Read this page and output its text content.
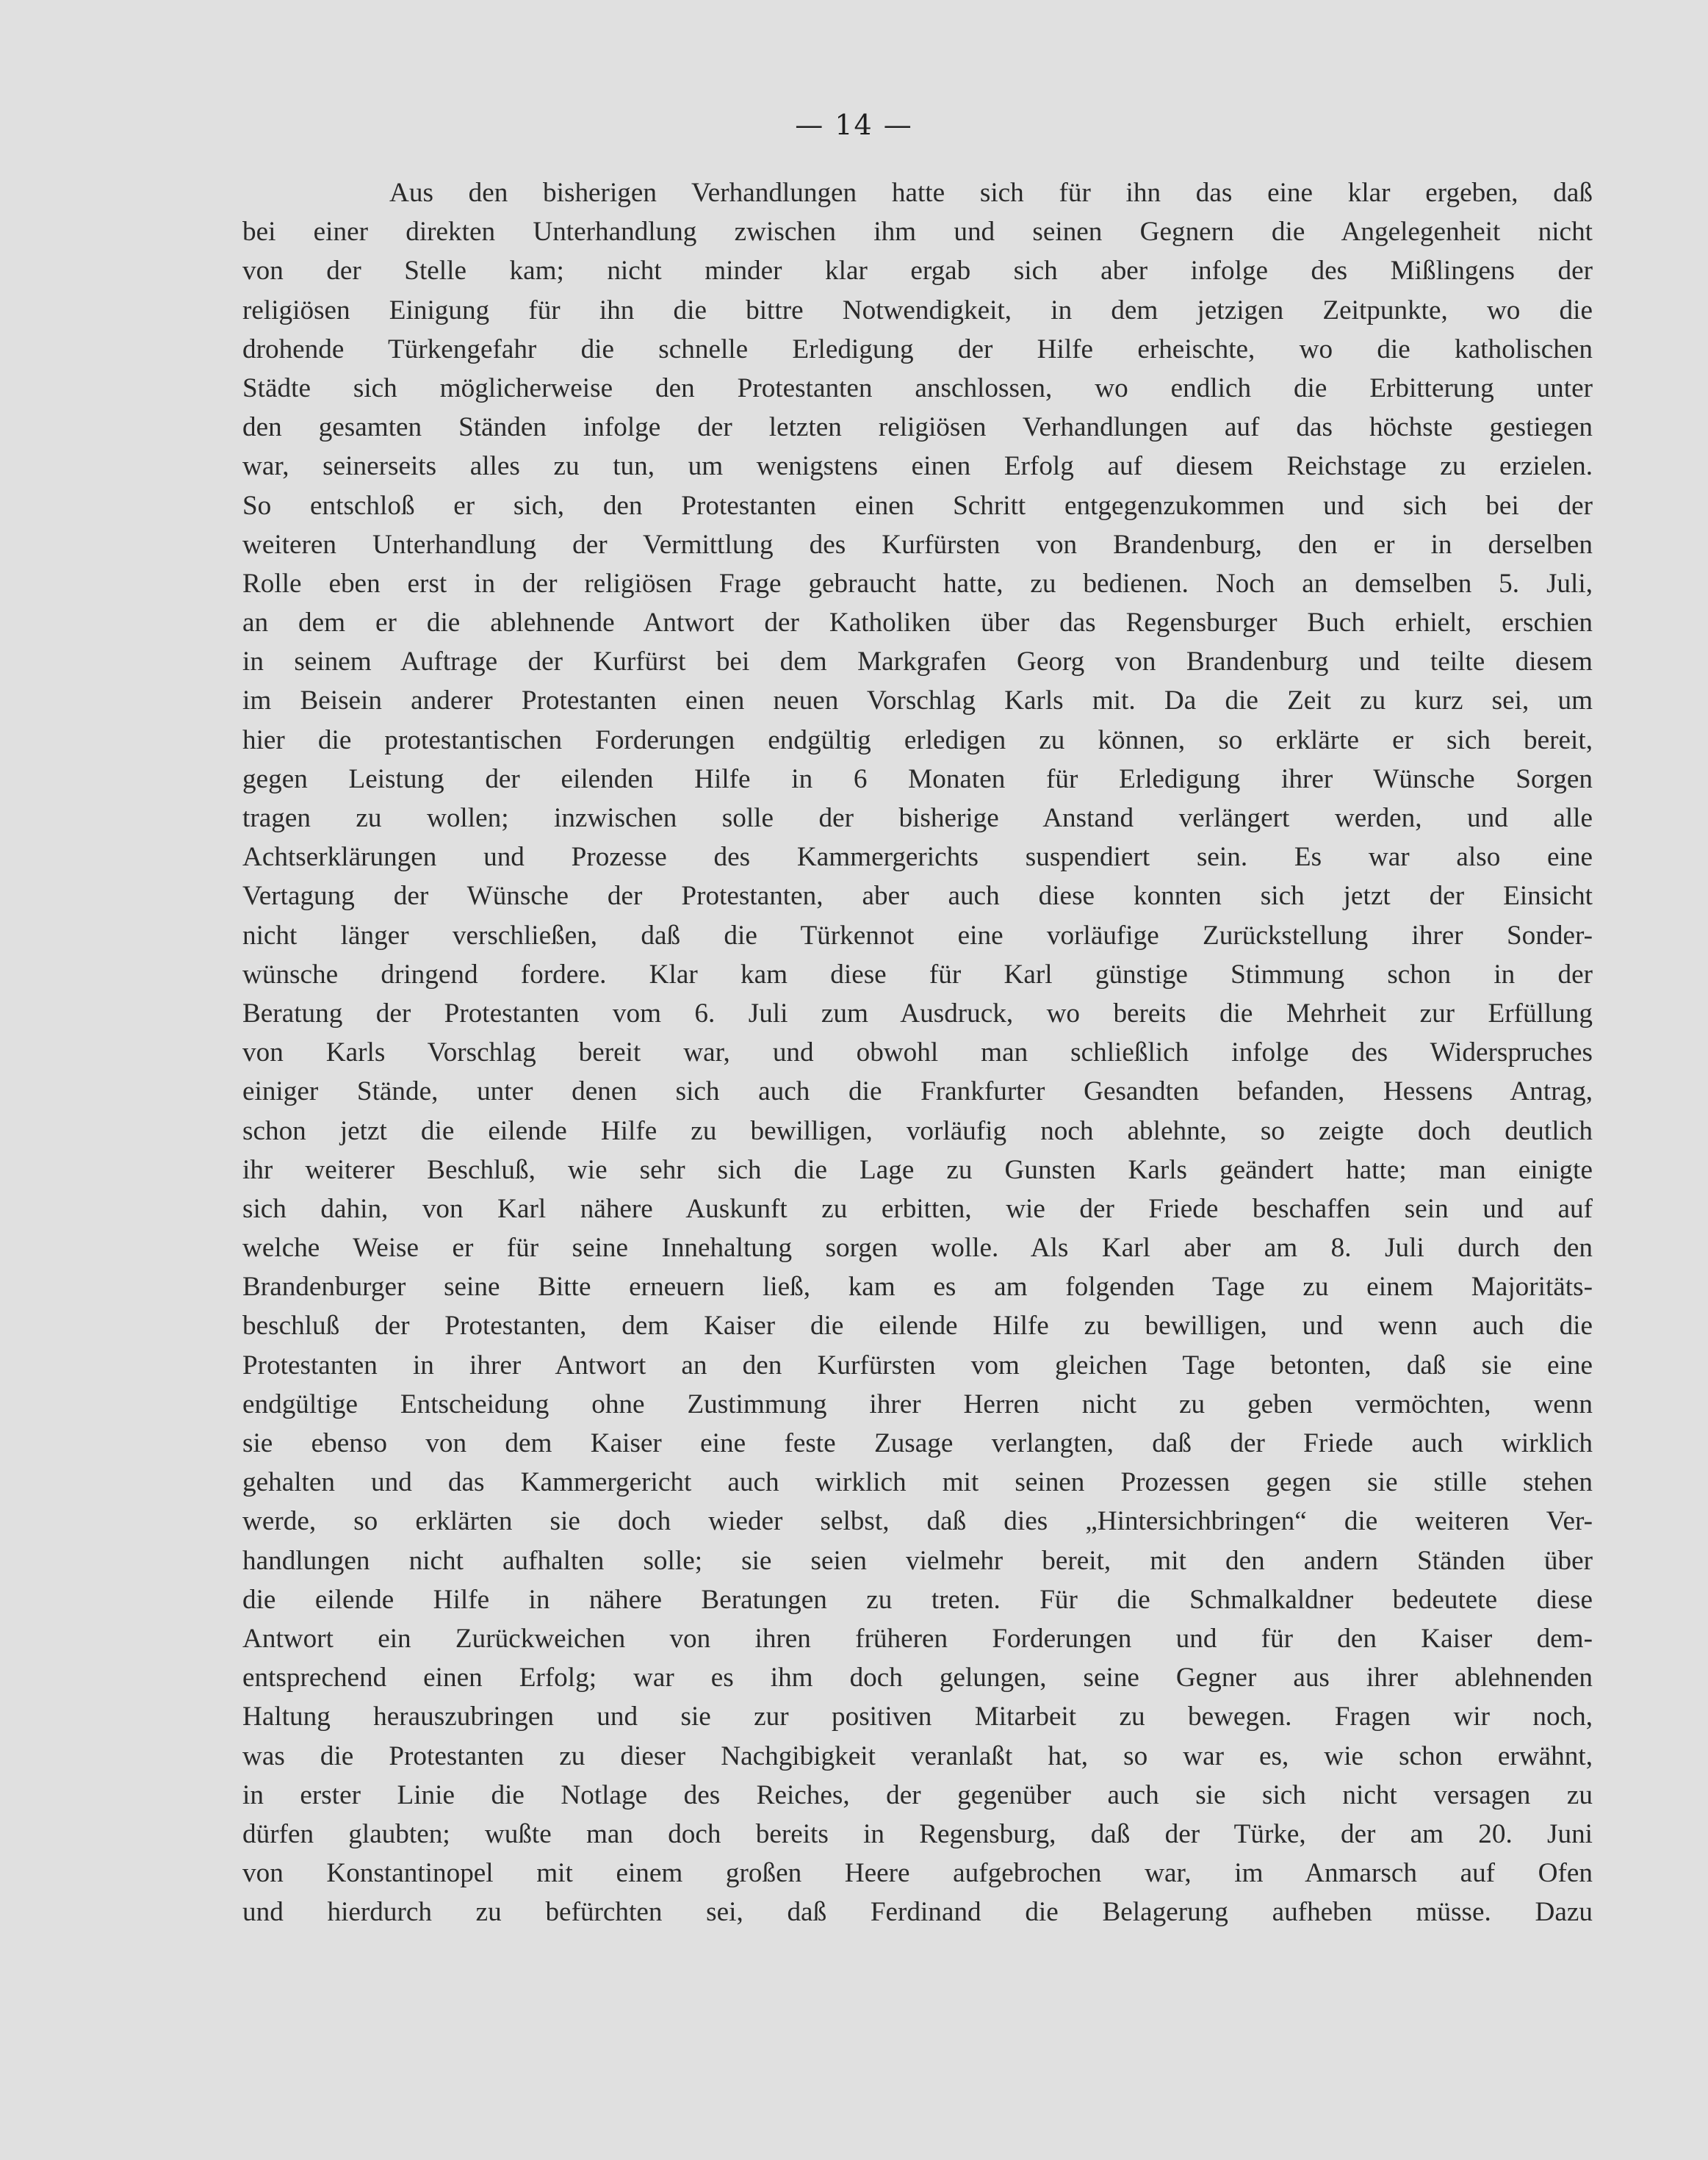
— 14 —
Aus den bisherigen Verhandlungen hatte sich für ihn das eine klar ergeben, daß
bei einer direkten Unterhandlung zwischen ihm und seinen Gegnern die Angelegenheit nicht
von der Stelle kam; nicht minder klar ergab sich aber infolge des Mißlingens der
religiösen Einigung für ihn die bittre Notwendigkeit, in dem jetzigen Zeitpunkte, wo die
drohende Türkengefahr die schnelle Erledigung der Hilfe erheischte, wo die katholischen
Städte sich möglicherweise den Protestanten anschlossen, wo endlich die Erbitterung unter
den gesamten Ständen infolge der letzten religiösen Verhandlungen auf das höchste gestiegen
war, seinerseits alles zu tun, um wenigstens einen Erfolg auf diesem Reichstage zu erzielen.
So entschloß er sich, den Protestanten einen Schritt entgegenzukommen und sich bei der
weiteren Unterhandlung der Vermittlung des Kurfürsten von Brandenburg, den er in derselben
Rolle eben erst in der religiösen Frage gebraucht hatte, zu bedienen. Noch an demselben 5. Juli,
an dem er die ablehnende Antwort der Katholiken über das Regensburger Buch erhielt, erschien
in seinem Auftrage der Kurfürst bei dem Markgrafen Georg von Brandenburg und teilte diesem
im Beisein anderer Protestanten einen neuen Vorschlag Karls mit. Da die Zeit zu kurz sei, um
hier die protestantischen Forderungen endgültig erledigen zu können, so erklärte er sich bereit,
gegen Leistung der eilenden Hilfe in 6 Monaten für Erledigung ihrer Wünsche Sorgen
tragen zu wollen; inzwischen solle der bisherige Anstand verlängert werden, und alle
Achtserklärungen und Prozesse des Kammergerichts suspendiert sein. Es war also eine
Vertagung der Wünsche der Protestanten, aber auch diese konnten sich jetzt der Einsicht
nicht länger verschließen, daß die Türkennot eine vorläufige Zurückstellung ihrer Sonder-
wünsche dringend fordere. Klar kam diese für Karl günstige Stimmung schon in der
Beratung der Protestanten vom 6. Juli zum Ausdruck, wo bereits die Mehrheit zur Erfüllung
von Karls Vorschlag bereit war, und obwohl man schließlich infolge des Widerspruches
einiger Stände, unter denen sich auch die Frankfurter Gesandten befanden, Hessens Antrag,
schon jetzt die eilende Hilfe zu bewilligen, vorläufig noch ablehnte, so zeigte doch deutlich
ihr weiterer Beschluß, wie sehr sich die Lage zu Gunsten Karls geändert hatte; man einigte
sich dahin, von Karl nähere Auskunft zu erbitten, wie der Friede beschaffen sein und auf
welche Weise er für seine Innehaltung sorgen wolle. Als Karl aber am 8. Juli durch den
Brandenburger seine Bitte erneuern ließ, kam es am folgenden Tage zu einem Majoritäts-
beschluß der Protestanten, dem Kaiser die eilende Hilfe zu bewilligen, und wenn auch die
Protestanten in ihrer Antwort an den Kurfürsten vom gleichen Tage betonten, daß sie eine
endgültige Entscheidung ohne Zustimmung ihrer Herren nicht zu geben vermöchten, wenn
sie ebenso von dem Kaiser eine feste Zusage verlangten, daß der Friede auch wirklich
gehalten und das Kammergericht auch wirklich mit seinen Prozessen gegen sie stille stehen
werde, so erklärten sie doch wieder selbst, daß dies „Hintersichbringen“ die weiteren Ver-
handlungen nicht aufhalten solle; sie seien vielmehr bereit, mit den andern Ständen über
die eilende Hilfe in nähere Beratungen zu treten. Für die Schmalkaldner bedeutete diese
Antwort ein Zurückweichen von ihren früheren Forderungen und für den Kaiser dem-
entsprechend einen Erfolg; war es ihm doch gelungen, seine Gegner aus ihrer ablehnenden
Haltung herauszubringen und sie zur positiven Mitarbeit zu bewegen. Fragen wir noch,
was die Protestanten zu dieser Nachgibigkeit veranlaßt hat, so war es, wie schon erwähnt,
in erster Linie die Notlage des Reiches, der gegenüber auch sie sich nicht versagen zu
dürfen glaubten; wußte man doch bereits in Regensburg, daß der Türke, der am 20. Juni
von Konstantinopel mit einem großen Heere aufgebrochen war, im Anmarsch auf Ofen
und hierdurch zu befürchten sei, daß Ferdinand die Belagerung aufheben müsse. Dazu
